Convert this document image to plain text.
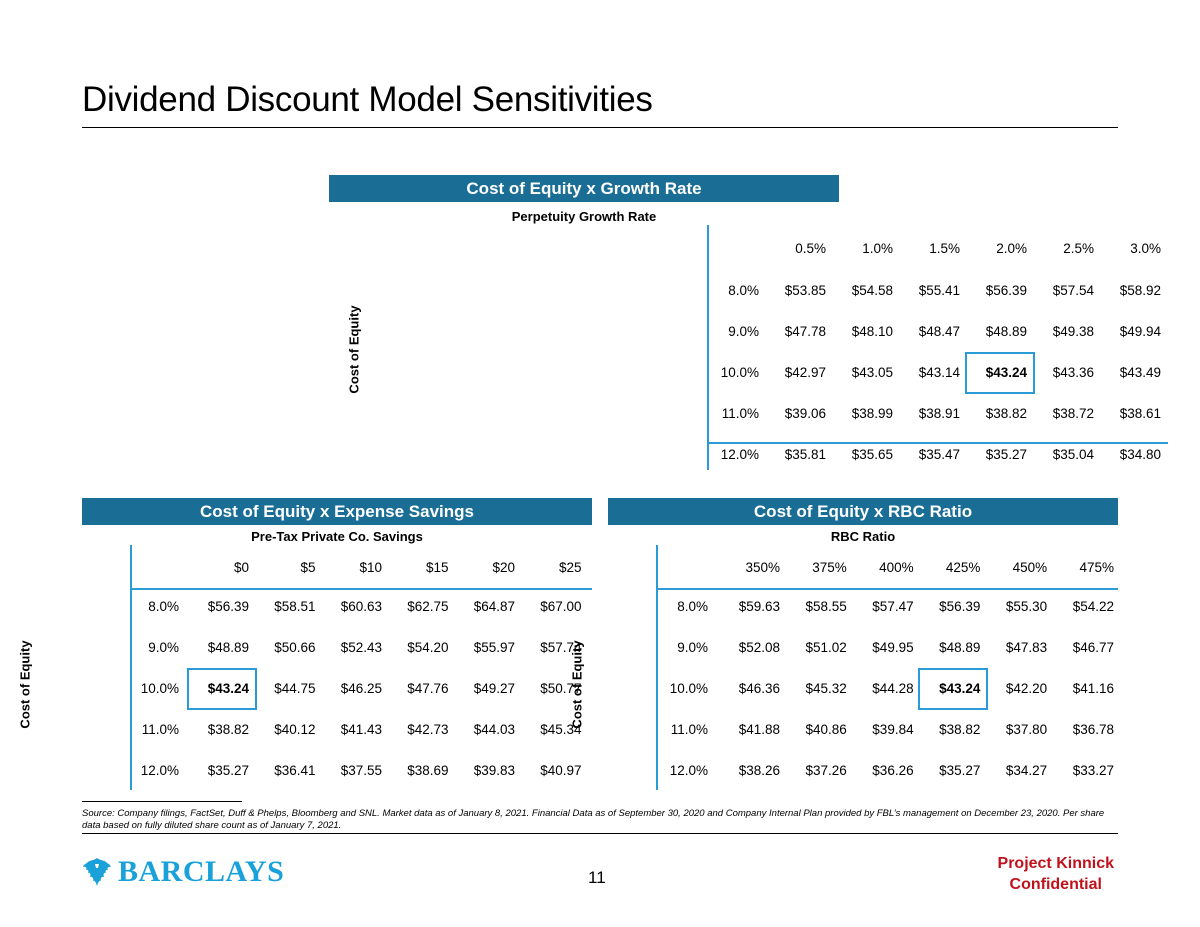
Dividend Discount Model Sensitivities
Cost of Equity x Growth Rate
Perpetuity Growth Rate
Cost of Equity
0.5%	1.0%	1.5%	2.0%	2.5%	3.0%
8.0%	$53.85	$54.58	$55.41	$56.39	$57.54	$58.92
9.0%	$47.78	$48.10	$48.47	$48.89	$49.38	$49.94
10.0%	$42.97	$43.05	$43.14	$43.24	$43.36	$43.49
11.0%	$39.06	$38.99	$38.91	$38.82	$38.72	$38.61
12.0%	$35.81	$35.65	$35.47	$35.27	$35.04	$34.80
Cost of Equity x Expense Savings
Pre-Tax Private Co. Savings
Cost of Equity
$0	$5	$10	$15	$20	$25
8.0%	$56.39	$58.51	$60.63	$62.75	$64.87	$67.00
9.0%	$48.89	$50.66	$52.43	$54.20	$55.97	$57.74
10.0%	$43.24	$44.75	$46.25	$47.76	$49.27	$50.77
11.0%	$38.82	$40.12	$41.43	$42.73	$44.03	$45.34
12.0%	$35.27	$36.41	$37.55	$38.69	$39.83	$40.97
Cost of Equity x RBC Ratio
RBC Ratio
Cost of Equity
350%	375%	400%	425%	450%	475%
8.0%	$59.63	$58.55	$57.47	$56.39	$55.30	$54.22
9.0%	$52.08	$51.02	$49.95	$48.89	$47.83	$46.77
10.0%	$46.36	$45.32	$44.28	$43.24	$42.20	$41.16
11.0%	$41.88	$40.86	$39.84	$38.82	$37.80	$36.78
12.0%	$38.26	$37.26	$36.26	$35.27	$34.27	$33.27
Source: Company filings, FactSet, Duff & Phelps, Bloomberg and SNL. Market data as of January 8, 2021. Financial Data as of September 30, 2020 and Company Internal Plan provided by FBL’s management on December 23, 2020. Per share data based on fully diluted share count as of January 7, 2021.
BARCLAYS	11
Project Kinnick
Confidential
